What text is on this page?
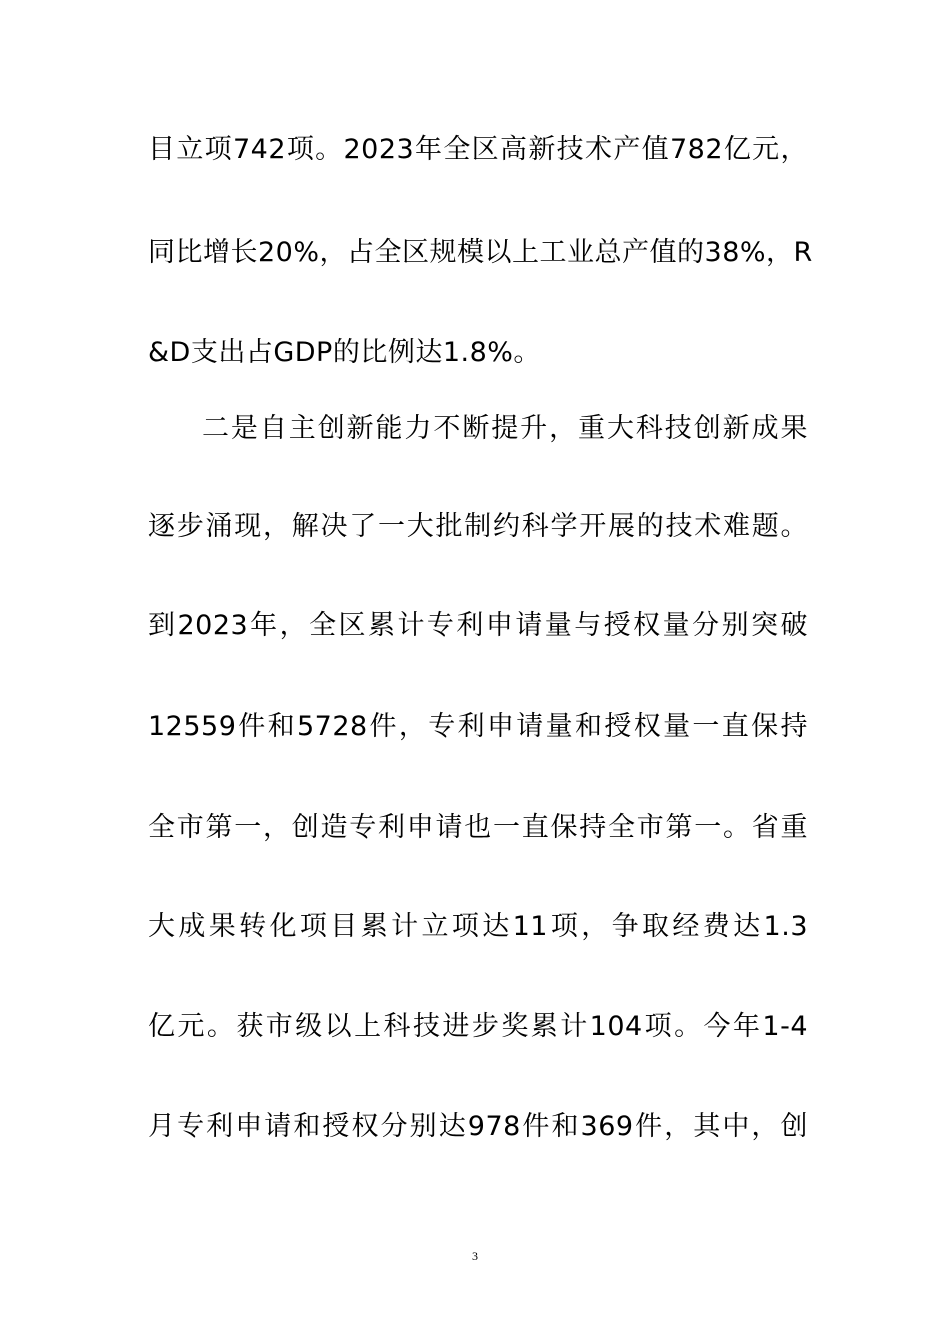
目立项742项。2023年全区高新技术产值782亿元，
同比增长20%，占全区规模以上工业总产值的38%，R
&D支出占GDP的比例达1.8%。
二是自主创新能力不断提升，重大科技创新成果
逐步涌现，解决了一大批制约科学开展的技术难题。
到2023年，全区累计专利申请量与授权量分别突破
12559件和5728件，专利申请量和授权量一直保持
全市第一，创造专利申请也一直保持全市第一。省重
大成果转化项目累计立项达11项，争取经费达1.3
亿元。获市级以上科技进步奖累计104项。今年1-4
月专利申请和授权分别达978件和369件，其中，创
3
